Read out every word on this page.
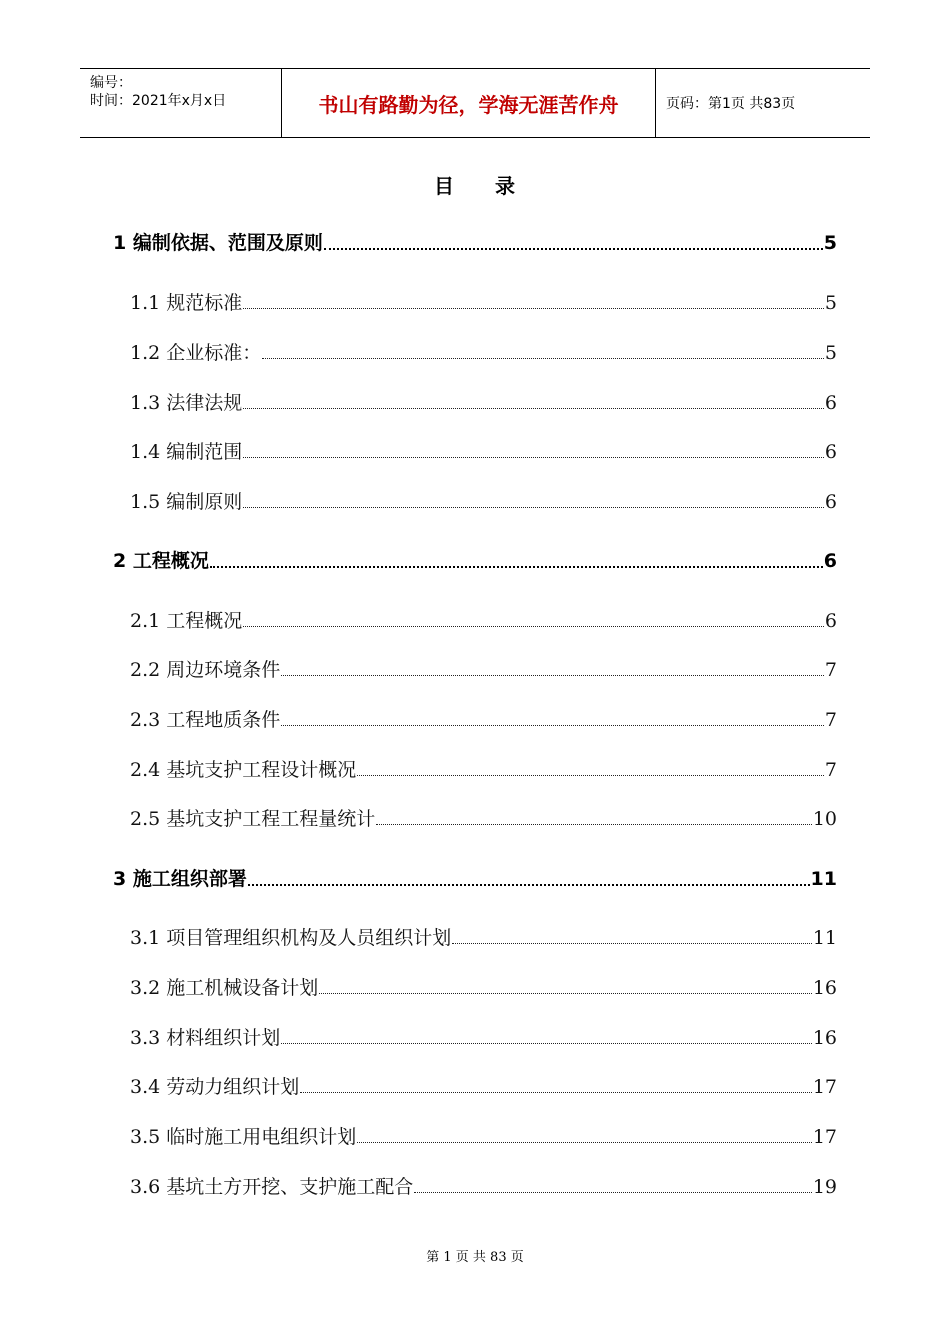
编号：
时间：2021年x月x日	书山有路勤为径，学海无涯苦作舟	页码：第1页 共83页
目 录
1 编制依据、范围及原则	5
1.1 规范标准	5
1.2 企业标准：	5
1.3 法律法规	6
1.4 编制范围	6
1.5 编制原则	6
2 工程概况	6
2.1 工程概况	6
2.2 周边环境条件	7
2.3 工程地质条件	7
2.4 基坑支护工程设计概况	7
2.5 基坑支护工程工程量统计	10
3 施工组织部署	11
3.1 项目管理组织机构及人员组织计划	11
3.2 施工机械设备计划	16
3.3 材料组织计划	16
3.4 劳动力组织计划	17
3.5 临时施工用电组织计划	17
3.6 基坑土方开挖、支护施工配合	19
第 1 页 共 83 页
